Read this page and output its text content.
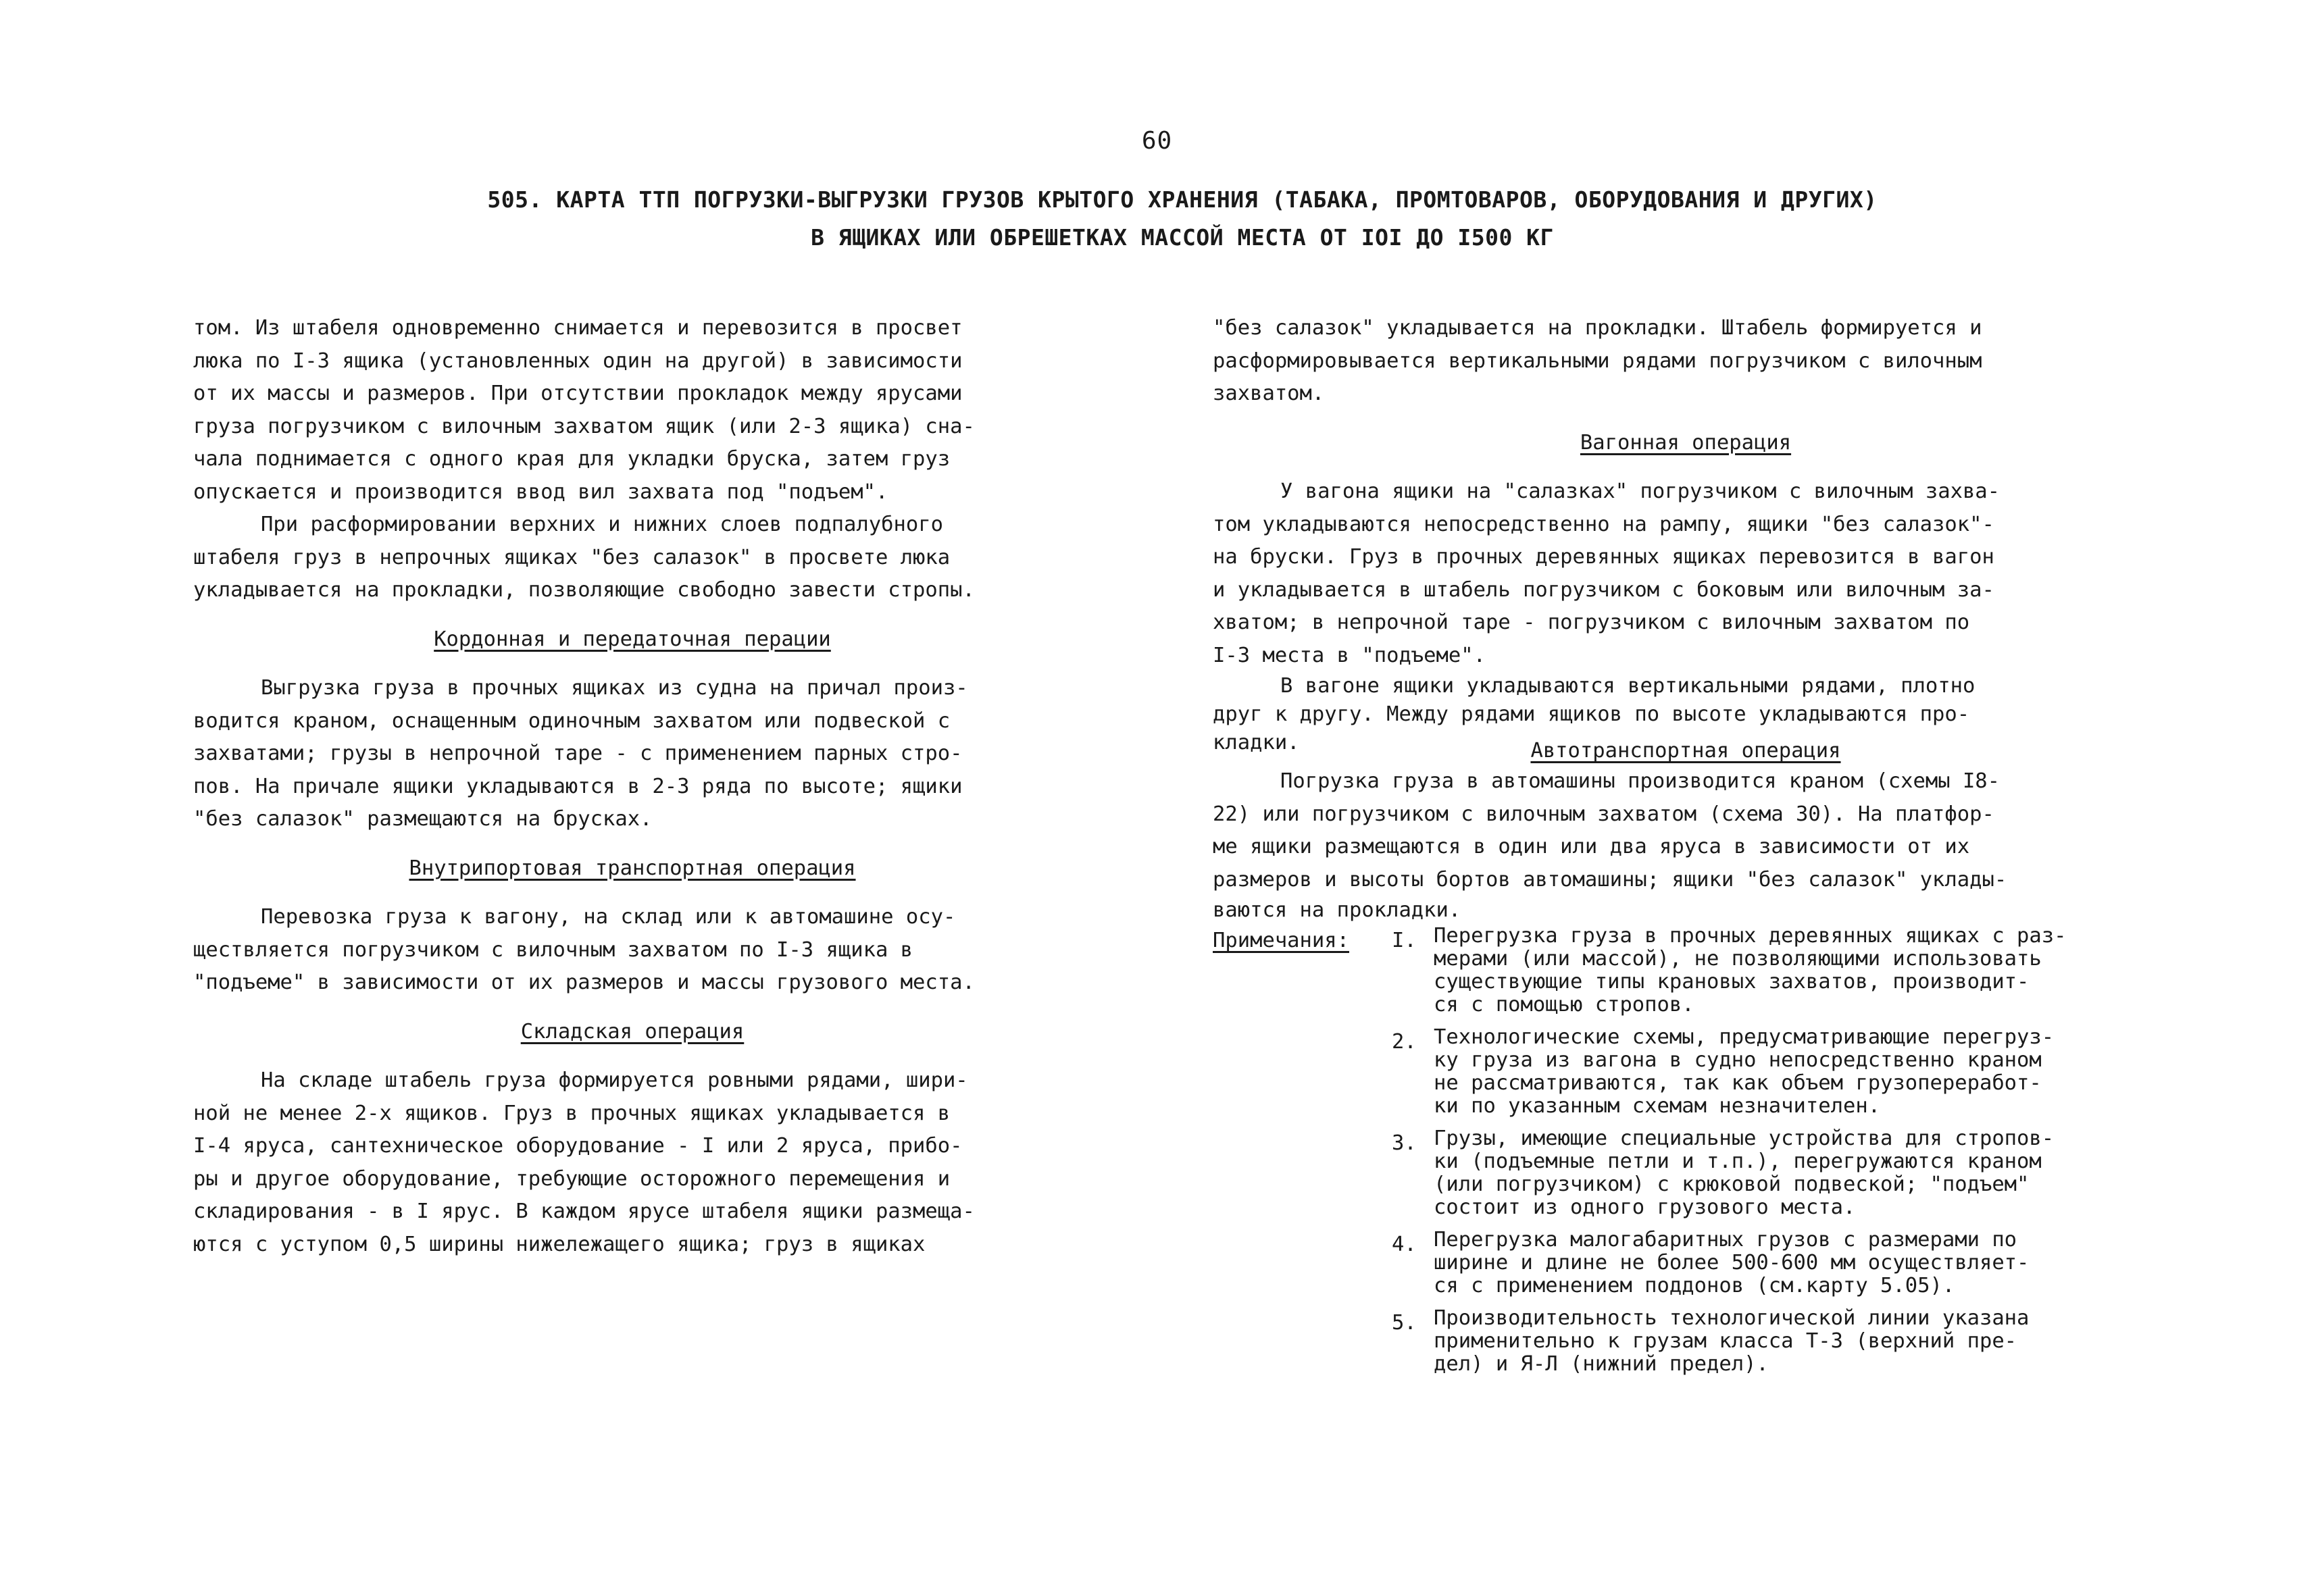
60
505. КАРТА ТТП ПОГРУЗКИ-ВЫГРУЗКИ ГРУЗОВ КРЫТОГО ХРАНЕНИЯ (ТАБАКА, ПРОМТОВАРОВ, ОБОРУДОВАНИЯ И ДРУГИХ)
В ЯЩИКАХ ИЛИ ОБРЕШЕТКАХ МАССОЙ МЕСТА ОТ IOI ДО I500 КГ
том. Из штабеля одновременно снимается и перевозится в просвет
люка по I-3 ящика (установленных один на другой) в зависимости
от их массы и размеров. При отсутствии прокладок между ярусами
груза погрузчиком с вилочным захватом ящик (или 2-3 ящика) сна-
чала поднимается с одного края для укладки бруска, затем груз
опускается и производится ввод вил захвата под "подъем".
При расформировании верхних и нижних слоев подпалубного
штабеля груз в непрочных ящиках "без салазок" в просвете люка
укладывается на прокладки, позволяющие свободно завести стропы.
Кордонная и передаточная перации
Выгрузка груза в прочных ящиках из судна на причал произ-
водится краном, оснащенным одиночным захватом или подвеской с
захватами; грузы в непрочной таре - с применением парных стро-
пов. На причале ящики укладываются в 2-3 ряда по высоте; ящики
"без салазок" размещаются на брусках.
Внутрипортовая транспортная операция
Перевозка груза к вагону, на склад или к автомашине осу-
ществляется погрузчиком с вилочным захватом по I-3 ящика в
"подъеме" в зависимости от их размеров и массы грузового места.
Складская операция
На складе штабель груза формируется ровными рядами, шири-
ной не менее 2-х ящиков. Груз в прочных ящиках укладывается в
I-4 яруса, сантехническое оборудование - I или 2 яруса, прибо-
ры и другое оборудование, требующие осторожного перемещения и
складирования - в I ярус. В каждом ярусе штабеля ящики размеща-
ются с уступом 0,5 ширины нижележащего ящика; груз в ящиках
"без салазок" укладывается на прокладки. Штабель формируется и
расформировывается вертикальными рядами погрузчиком с вилочным
захватом.
Вагонная операция
У вагона ящики на "салазках" погрузчиком с вилочным захва-
том укладываются непосредственно на рампу, ящики "без салазок"-
на бруски. Груз в прочных деревянных ящиках перевозится в вагон
и укладывается в штабель погрузчиком с боковым или вилочным за-
хватом; в непрочной таре - погрузчиком с вилочным захватом по
I-3 места в "подъеме".
В вагоне ящики укладываются вертикальными рядами, плотно
друг к другу. Между рядами ящиков по высоте укладываются про-
кладки.	Автотранспортная операция
Погрузка груза в автомашины производится краном (схемы I8-
22) или погрузчиком с вилочным захватом (схема 30). На платфор-
ме ящики размещаются в один или два яруса в зависимости от их
размеров и высоты бортов автомашины; ящики "без салазок" уклады-
ваются на прокладки.
Примечания:	I. Перегрузка груза в прочных деревянных ящиках с раз-
мерами (или массой), не позволяющими использовать
существующие типы крановых захватов, производит-
ся с помощью стропов.
2. Технологические схемы, предусматривающие перегруз-
ку груза из вагона в судно непосредственно краном
не рассматриваются, так как объем грузопереработ-
ки по указанным схемам незначителен.
3. Грузы, имеющие специальные устройства для стропов-
ки (подъемные петли и т.п.), перегружаются краном
(или погрузчиком) с крюковой подвеской; "подъем"
состоит из одного грузового места.
4. Перегрузка малогабаритных грузов с размерами по
ширине и длине не более 500-600 мм осуществляет-
ся с применением поддонов (см.карту 5.05).
5. Производительность технологической линии указана
применительно к грузам класса Т-3 (верхний пре-
дел) и Я-Л (нижний предел).
